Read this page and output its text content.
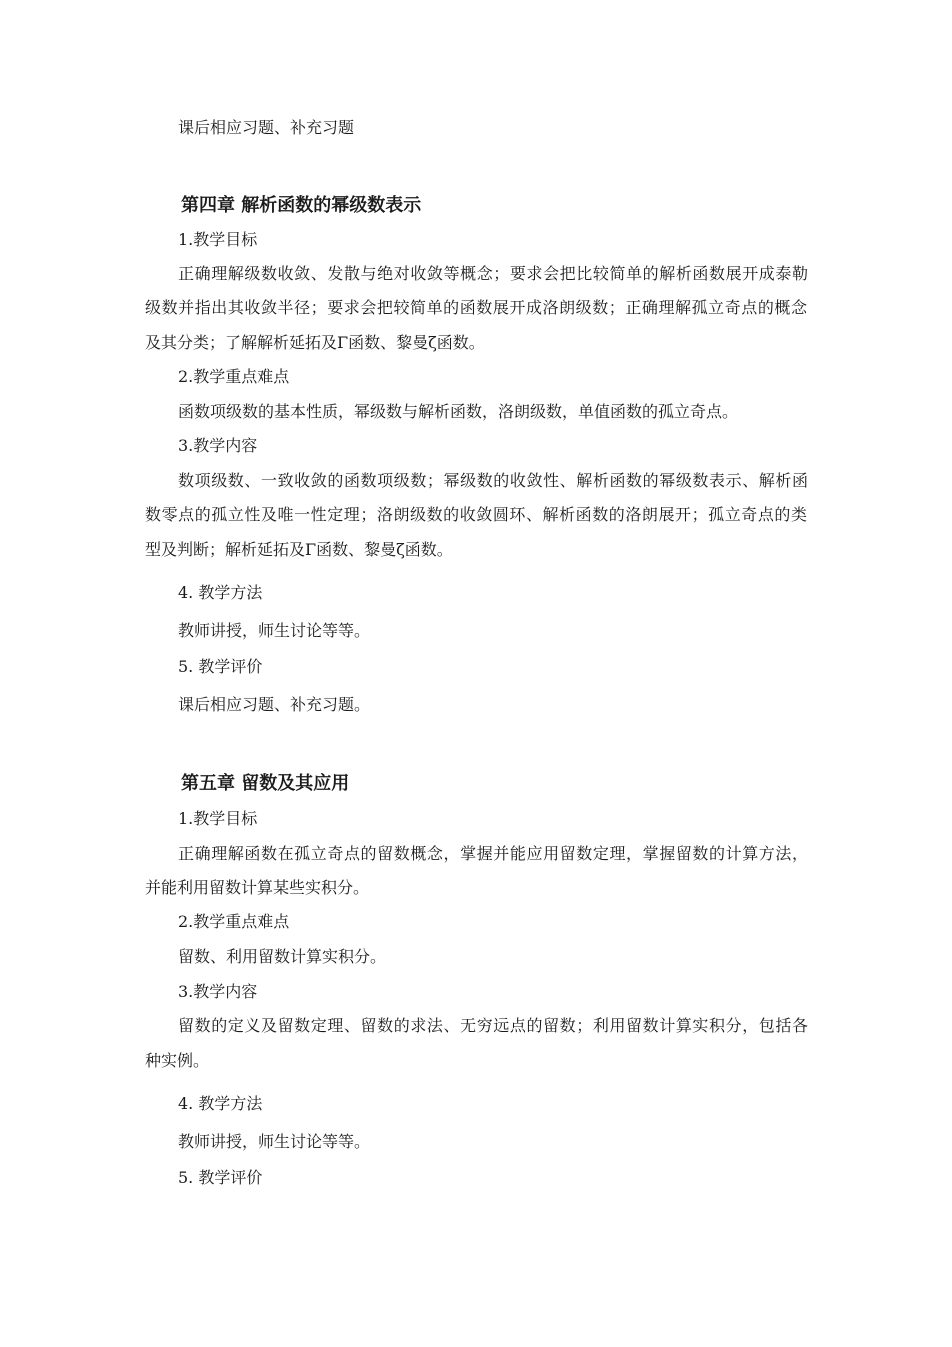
课后相应习题、补充习题

第四章 解析函数的幂级数表示

1.教学目标

正确理解级数收敛、发散与绝对收敛等概念；要求会把比较简单的解析函数展开成泰勒

级数并指出其收敛半径；要求会把较简单的函数展开成洛朗级数；正确理解孤立奇点的概念

及其分类；了解解析延拓及Γ函数、黎曼ζ函数。

2.教学重点难点

函数项级数的基本性质，幂级数与解析函数，洛朗级数，单值函数的孤立奇点。

3.教学内容

数项级数、一致收敛的函数项级数；幂级数的收敛性、解析函数的幂级数表示、解析函

数零点的孤立性及唯一性定理；洛朗级数的收敛圆环、解析函数的洛朗展开；孤立奇点的类

型及判断；解析延拓及Γ函数、黎曼ζ函数。

4. 教学方法

教师讲授，师生讨论等等。

5. 教学评价

课后相应习题、补充习题。

第五章 留数及其应用

1.教学目标

正确理解函数在孤立奇点的留数概念，掌握并能应用留数定理，掌握留数的计算方法，

并能利用留数计算某些实积分。

2.教学重点难点

留数、利用留数计算实积分。

3.教学内容

留数的定义及留数定理、留数的求法、无穷远点的留数；利用留数计算实积分，包括各

种实例。

4. 教学方法

教师讲授，师生讨论等等。

5. 教学评价
